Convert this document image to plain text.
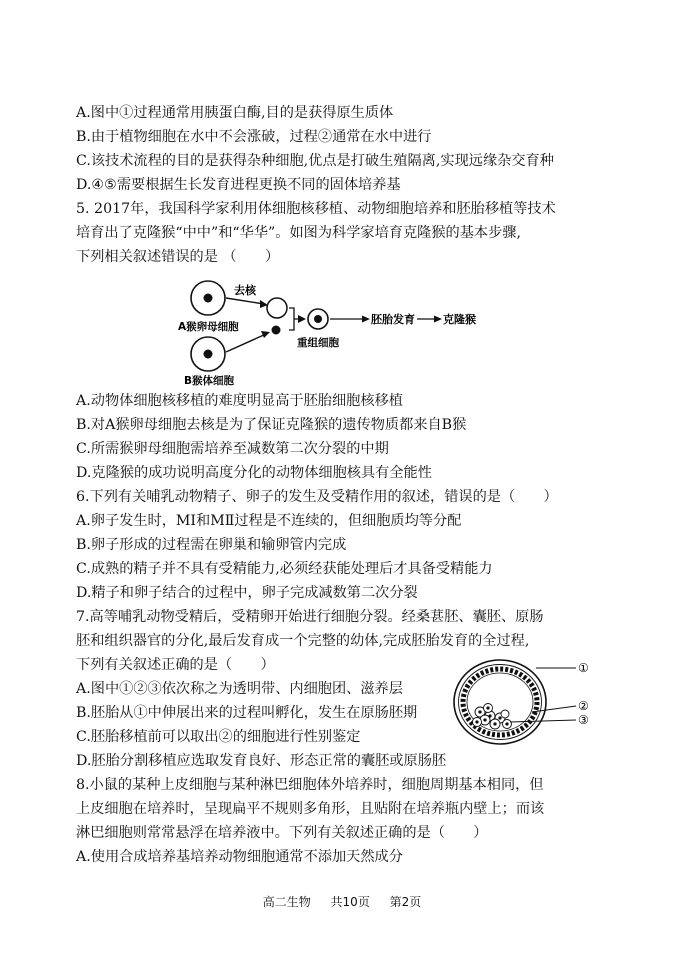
A.图中①过程通常用胰蛋白酶,目的是获得原生质体
B.由于植物细胞在水中不会涨破，过程②通常在水中进行
C.该技术流程的目的是获得杂种细胞,优点是打破生殖隔离,实现远缘杂交育种
D.④⑤需要根据生长发育进程更换不同的固体培养基
5. 2017年，我国科学家利用体细胞核移植、动物细胞培养和胚胎移植等技术
培育出了克隆猴“中中”和“华华”。如图为科学家培育克隆猴的基本步骤,
下列相关叙述错误的是 （　　）
去核
A猴卵母细胞
B猴体细胞
重组细胞
胚胎发育	克隆猴
A.动物体细胞核移植的难度明显高于胚胎细胞核移植
B.对A猴卵母细胞去核是为了保证克隆猴的遗传物质都来自B猴
C.所需猴卵母细胞需培养至减数第二次分裂的中期
D.克隆猴的成功说明高度分化的动物体细胞核具有全能性
6.下列有关哺乳动物精子、卵子的发生及受精作用的叙述，错误的是（　　）
A.卵子发生时，MⅠ和MⅡ过程是不连续的，但细胞质均等分配
B.卵子形成的过程需在卵巢和输卵管内完成
C.成熟的精子并不具有受精能力,必须经获能处理后才具备受精能力
D.精子和卵子结合的过程中，卵子完成减数第二次分裂
7.高等哺乳动物受精后，受精卵开始进行细胞分裂。经桑葚胚、囊胚、原肠
胚和组织器官的分化,最后发育成一个完整的幼体,完成胚胎发育的全过程,
下列有关叙述正确的是（　　）
A.图中①②③依次称之为透明带、内细胞团、滋养层
B.胚胎从①中伸展出来的过程叫孵化，发生在原肠胚期
C.胚胎移植前可以取出②的细胞进行性别鉴定
D.胚胎分割移植应选取发育良好、形态正常的囊胚或原肠胚
①
②
③
8.小鼠的某种上皮细胞与某种淋巴细胞体外培养时，细胞周期基本相同，但
上皮细胞在培养时，呈现扁平不规则多角形，且贴附在培养瓶内壁上；而该
淋巴细胞则常常悬浮在培养液中。下列有关叙述正确的是（　　）
A.使用合成培养基培养动物细胞通常不添加天然成分
高二生物 共10页 第2页
